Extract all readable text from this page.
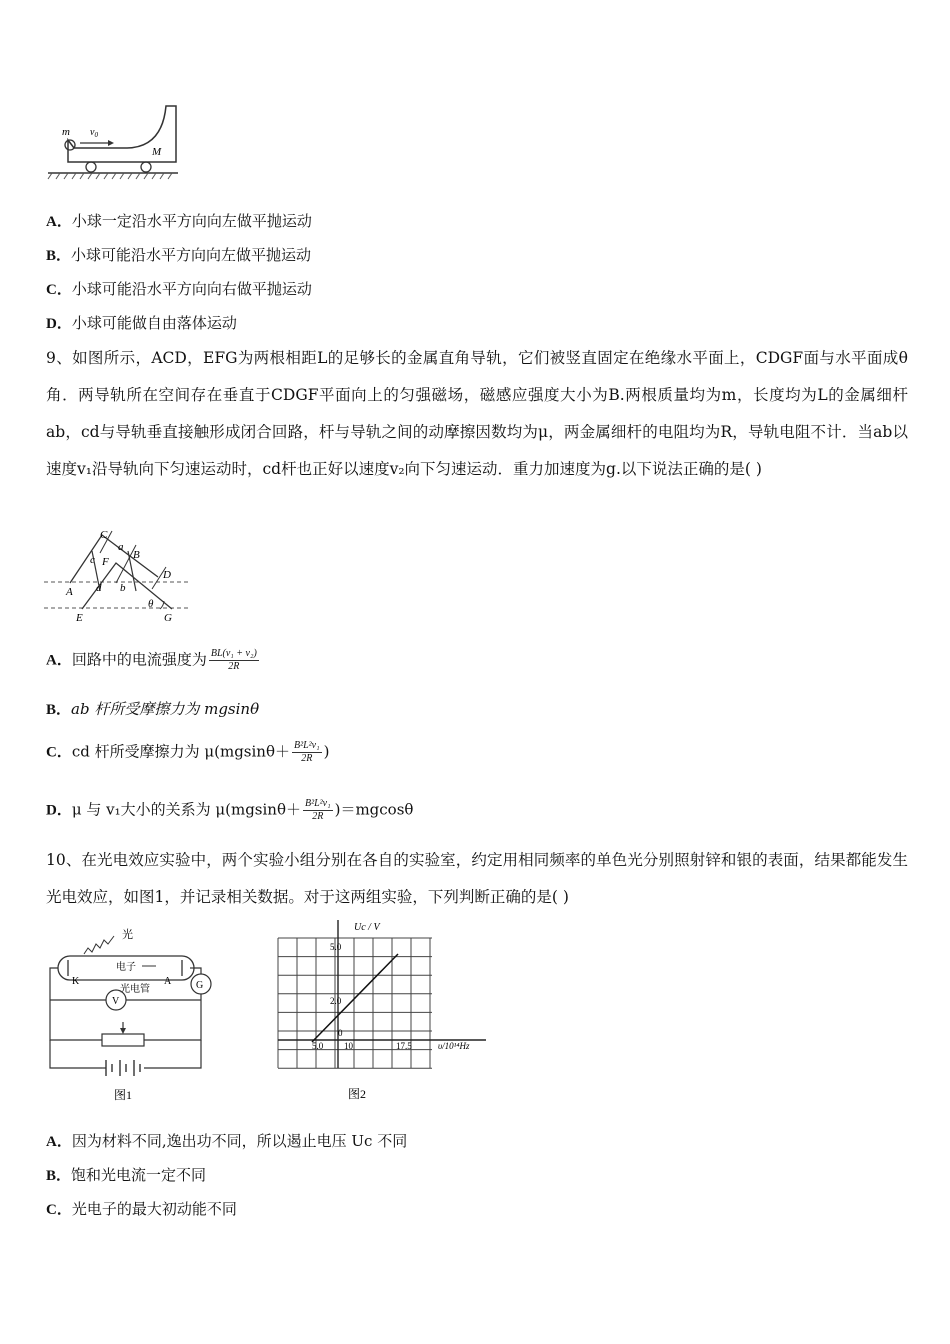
m $v_0$
M
A．小球一定沿水平方向向左做平抛运动
B．小球可能沿水平方向向左做平抛运动
C．小球可能沿水平方向向右做平抛运动
D．小球可能做自由落体运动
9、如图所示，ACD，EFG为两根相距L的足够长的金属直角导轨，它们被竖直固定在绝缘水平面上，CDGF面与水平面成θ角．两导轨所在空间存在垂直于CDGF平面向上的匀强磁场，磁感应强度大小为B.两根质量均为m，长度均为L的金属细杆ab，cd与导轨垂直接触形成闭合回路，杆与导轨之间的动摩擦因数均为μ，两金属细杆的电阻均为R，导轨电阻不计．当ab以速度v₁沿导轨向下匀速运动时，cd杆也正好以速度v₂向下匀速运动．重力加速度为g.以下说法正确的是( )
C
a
B
c F
D
A d b
θ
E	G
A．回路中的电流强度为 $\frac{\text{BL(v₁ + v₂)}}{2R}$
B．ab 杆所受摩擦力为 mgsinθ
C．cd 杆所受摩擦力为 $\mu(mgsin\theta+ \frac{\text{B²L²v₁}}{2R}$ )
D．μ 与 v₁大小的关系为 $\mu(mgsin\theta+ \frac{\text{B²L²v₁}}{2R} )=mgcos\theta$
10、在光电效应实验中，两个实验小组分别在各自的实验室，约定用相同频率的单色光分别照射锌和银的表面，结果都能发生光电效应，如图1，并记录相关数据。对于这两组实验，下列判断正确的是( )
光
K
电子
A
光电管	G
V
图1
Uc / V
υ/10¹⁴Hz
5.0
2.0
0
5.0 10	17.5
图2
A．因为材料不同,逸出功不同，所以遏止电压 Uc 不同
B．饱和光电流一定不同
C．光电子的最大初动能不同
